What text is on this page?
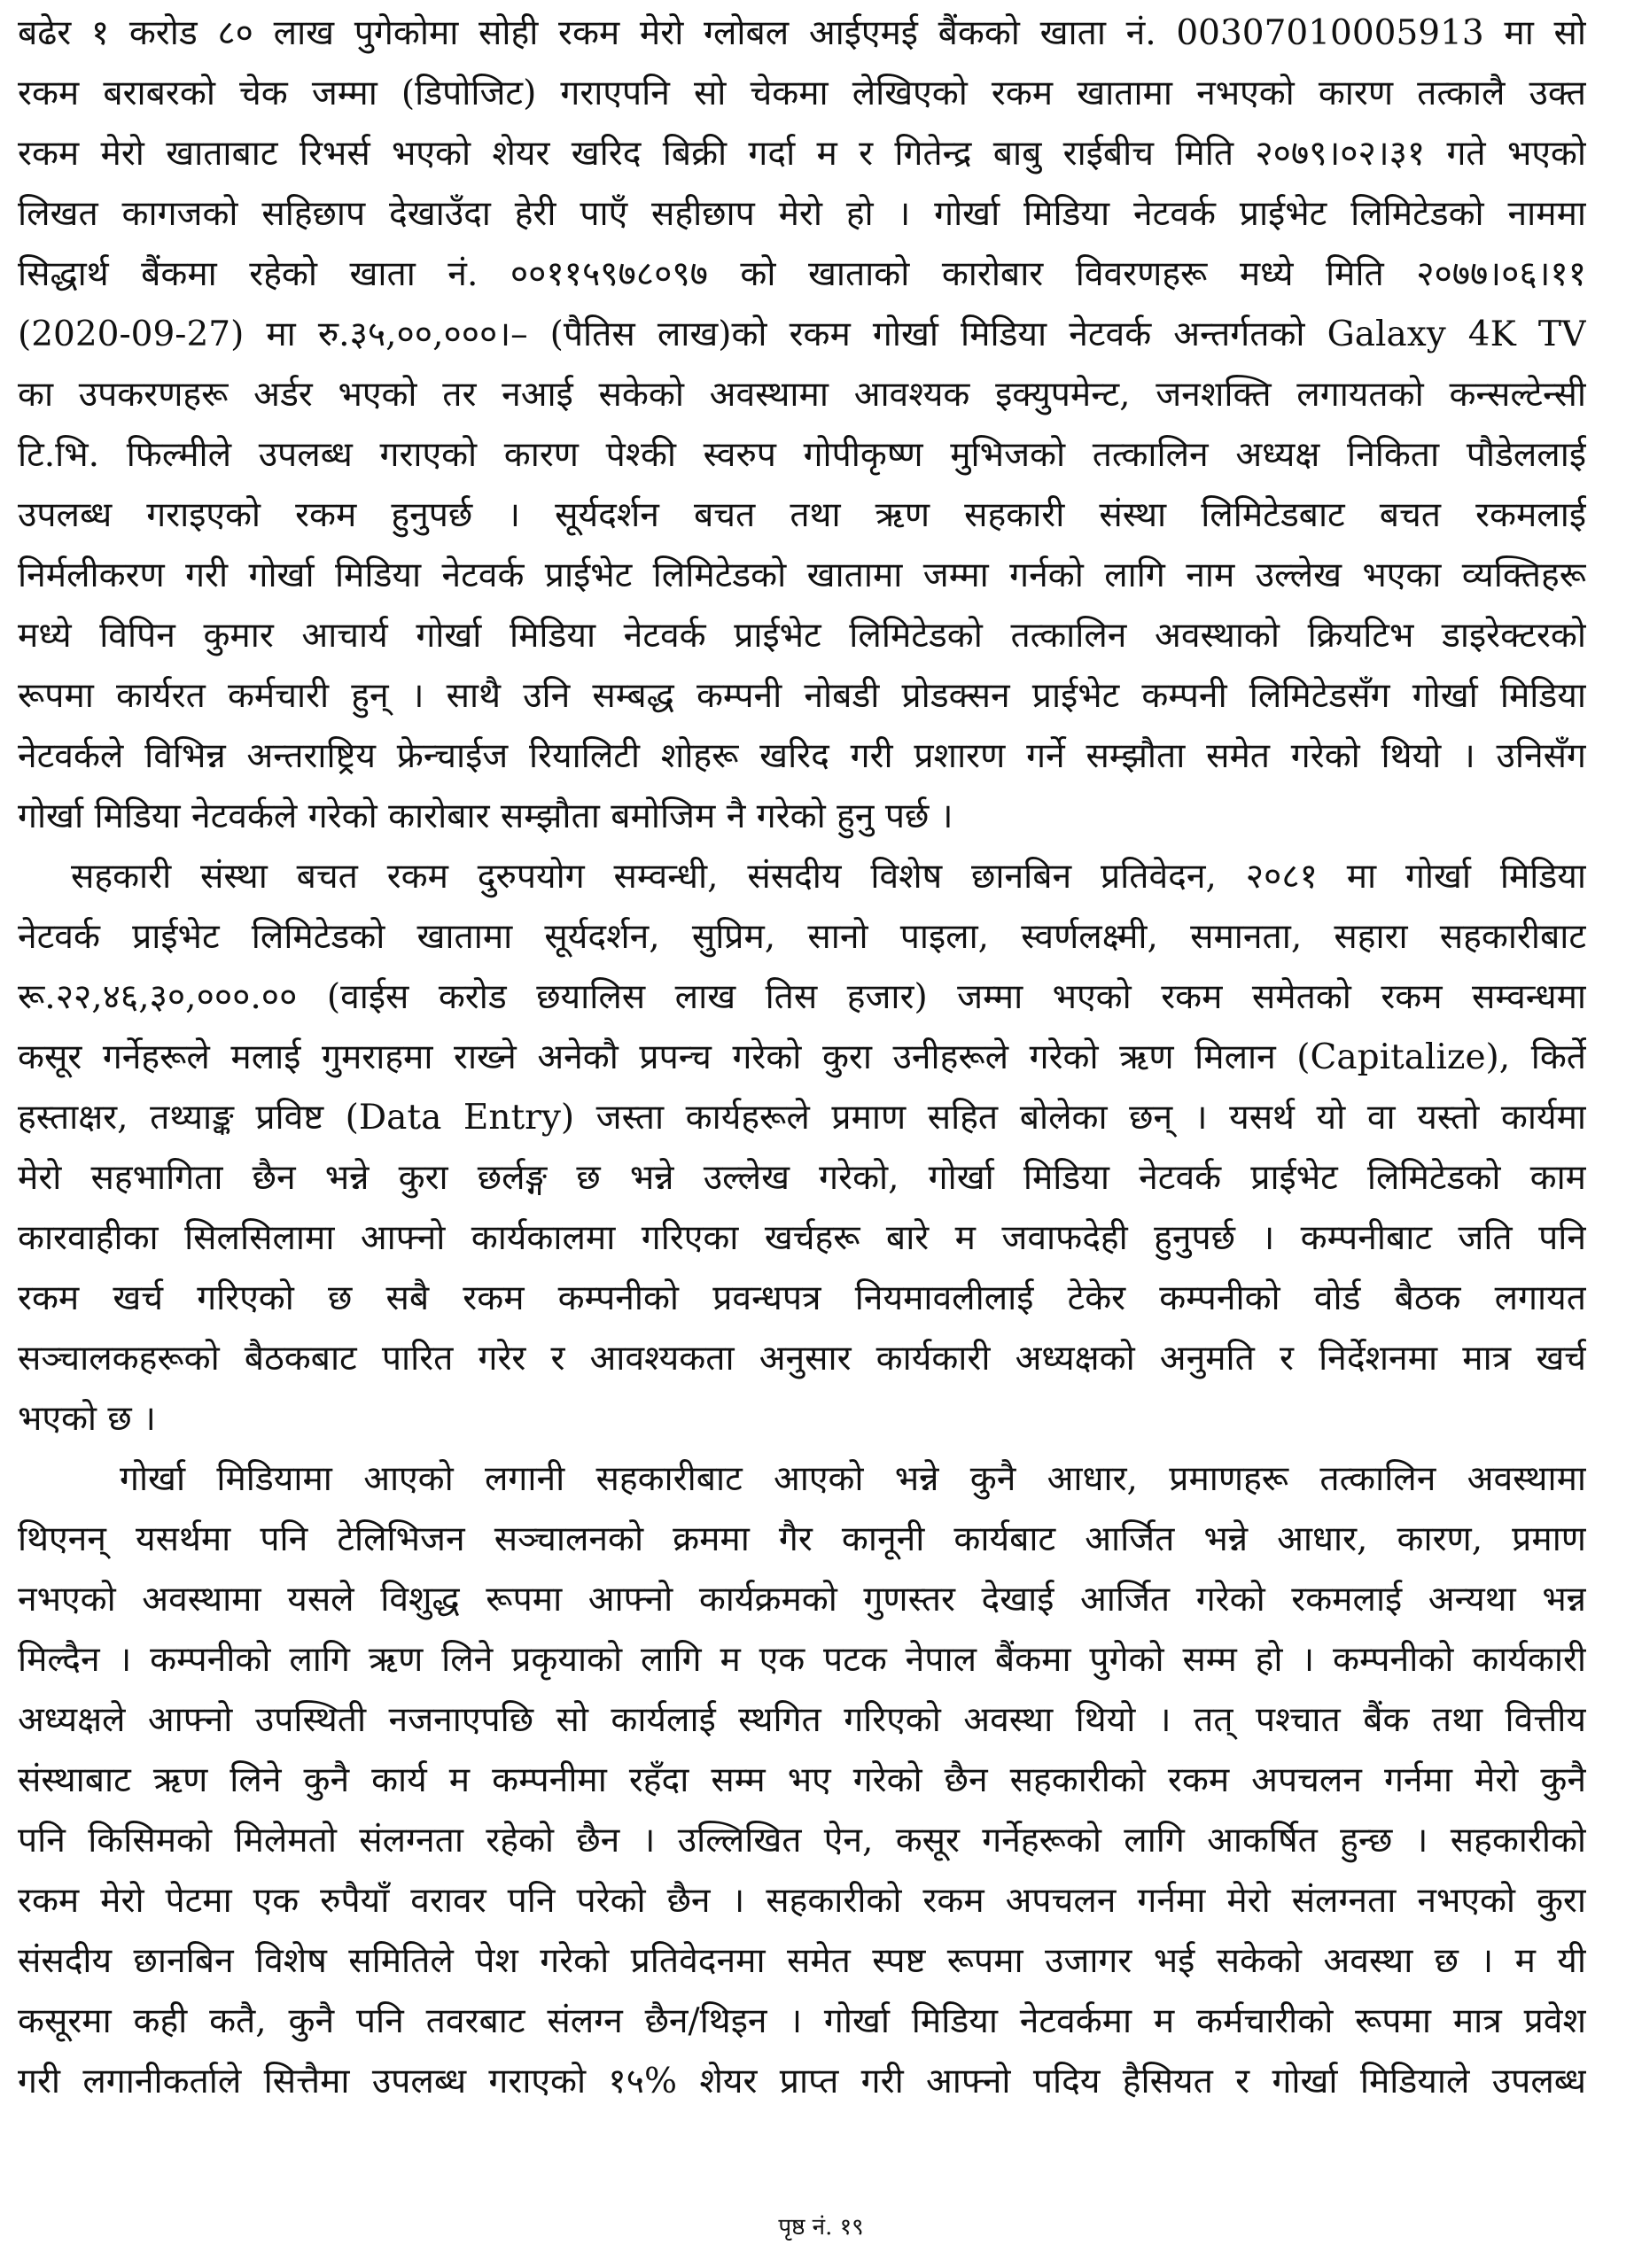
बढेर १ करोड ८० लाख पुगेकोमा सोही रकम मेरो ग्लोबल आईएमई बैंकको खाता नं. 00307010005913 मा सो
रकम बराबरको चेक जम्मा (डिपोजिट) गराएपनि सो चेकमा लेखिएको रकम खातामा नभएको कारण तत्कालै उक्त
रकम मेरो खाताबाट रिभर्स भएको शेयर खरिद बिक्री गर्दा म र गितेन्द्र बाबु राईबीच मिति २०७९।०२।३१ गते भएको
लिखत कागजको सहिछाप देखाउँदा हेरी पाएँ सहीछाप मेरो हो । गोर्खा मिडिया नेटवर्क प्राईभेट लिमिटेडको नाममा
सिद्धार्थ बैंकमा रहेको खाता नं. ००११५९७८०९७ को खाताको कारोबार विवरणहरू मध्ये मिति २०७७।०६।११
(2020-09-27) मा रु.३५,००,०००।– (पैतिस लाख)को रकम गोर्खा मिडिया नेटवर्क अन्तर्गतको Galaxy 4K TV
का उपकरणहरू अर्डर भएको तर नआई सकेको अवस्थामा आवश्यक इक्युपमेन्ट, जनशक्ति लगायतको कन्सल्टेन्सी
टि.भि. फिल्मीले उपलब्ध गराएको कारण पेश्की स्वरुप गोपीकृष्ण मुभिजको तत्कालिन अध्यक्ष निकिता पौडेललाई
उपलब्ध गराइएको रकम हुनुपर्छ । सूर्यदर्शन बचत तथा ऋण सहकारी संस्था लिमिटेडबाट बचत रकमलाई
निर्मलीकरण गरी गोर्खा मिडिया नेटवर्क प्राईभेट लिमिटेडको खातामा जम्मा गर्नको लागि नाम उल्लेख भएका व्यक्तिहरू
मध्ये विपिन कुमार आचार्य गोर्खा मिडिया नेटवर्क प्राईभेट लिमिटेडको तत्कालिन अवस्थाको क्रियटिभ डाइरेक्टरको
रूपमा कार्यरत कर्मचारी हुन् । साथै उनि सम्बद्ध कम्पनी नोबडी प्रोडक्सन प्राईभेट कम्पनी लिमिटेडसँग गोर्खा मिडिया
नेटवर्कले विभिन्न अन्तराष्ट्रिय फ्रेन्चाईज रियालिटी शोहरू खरिद गरी प्रशारण गर्ने सम्झौता समेत गरेको थियो । उनिसँग
गोर्खा मिडिया नेटवर्कले गरेको कारोबार सम्झौता बमोजिम नै गरेको हुनु पर्छ ।
सहकारी संस्था बचत रकम दुरुपयोग सम्वन्धी, संसदीय विशेष छानबिन प्रतिवेदन, २०८१ मा गोर्खा मिडिया
नेटवर्क प्राईभेट लिमिटेडको खातामा सूर्यदर्शन, सुप्रिम, सानो पाइला, स्वर्णलक्ष्मी, समानता, सहारा सहकारीबाट
रू.२२,४६,३०,०००.०० (वाईस करोड छयालिस लाख तिस हजार) जम्मा भएको रकम समेतको रकम सम्वन्धमा
कसूर गर्नेहरूले मलाई गुमराहमा राख्ने अनेकौ प्रपन्च गरेको कुरा उनीहरूले गरेको ऋण मिलान (Capitalize), किर्ते
हस्ताक्षर, तथ्याङ्क प्रविष्ट (Data Entry) जस्ता कार्यहरूले प्रमाण सहित बोलेका छन् । यसर्थ यो वा यस्तो कार्यमा
मेरो सहभागिता छैन भन्ने कुरा छर्लङ्ग छ भन्ने उल्लेख गरेको, गोर्खा मिडिया नेटवर्क प्राईभेट लिमिटेडको काम
कारवाहीका सिलसिलामा आफ्नो कार्यकालमा गरिएका खर्चहरू बारे म जवाफदेही हुनुपर्छ । कम्पनीबाट जति पनि
रकम खर्च गरिएको छ सबै रकम कम्पनीको प्रवन्धपत्र नियमावलीलाई टेकेर कम्पनीको वोर्ड बैठक लगायत
सञ्चालकहरूको बैठकबाट पारित गरेर र आवश्यकता अनुसार कार्यकारी अध्यक्षको अनुमति र निर्देशनमा मात्र खर्च
भएको छ ।
गोर्खा मिडियामा आएको लगानी सहकारीबाट आएको भन्ने कुनै आधार, प्रमाणहरू तत्कालिन अवस्थामा
थिएनन् यसर्थमा पनि टेलिभिजन सञ्चालनको क्रममा गैर कानूनी कार्यबाट आर्जित भन्ने आधार, कारण, प्रमाण
नभएको अवस्थामा यसले विशुद्ध रूपमा आफ्नो कार्यक्रमको गुणस्तर देखाई आर्जित गरेको रकमलाई अन्यथा भन्न
मिल्दैन । कम्पनीको लागि ऋण लिने प्रकृयाको लागि म एक पटक नेपाल बैंकमा पुगेको सम्म हो । कम्पनीको कार्यकारी
अध्यक्षले आफ्नो उपस्थिती नजनाएपछि सो कार्यलाई स्थगित गरिएको अवस्था थियो । तत् पश्चात बैंक तथा वित्तीय
संस्थाबाट ऋण लिने कुनै कार्य म कम्पनीमा रहँदा सम्म भए गरेको छैन सहकारीको रकम अपचलन गर्नमा मेरो कुनै
पनि किसिमको मिलेमतो संलग्नता रहेको छैन । उल्लिखित ऐन, कसूर गर्नेहरूको लागि आकर्षित हुन्छ । सहकारीको
रकम मेरो पेटमा एक रुपैयाँ वरावर पनि परेको छैन । सहकारीको रकम अपचलन गर्नमा मेरो संलग्नता नभएको कुरा
संसदीय छानबिन विशेष समितिले पेश गरेको प्रतिवेदनमा समेत स्पष्ट रूपमा उजागर भई सकेको अवस्था छ । म यी
कसूरमा कही कतै, कुनै पनि तवरबाट संलग्न छैन/थिइन । गोर्खा मिडिया नेटवर्कमा म कर्मचारीको रूपमा मात्र प्रवेश
गरी लगानीकर्ताले सित्तैमा उपलब्ध गराएको १५% शेयर प्राप्त गरी आफ्नो पदिय हैसियत र गोर्खा मिडियाले उपलब्ध
पृष्ठ नं. १९
